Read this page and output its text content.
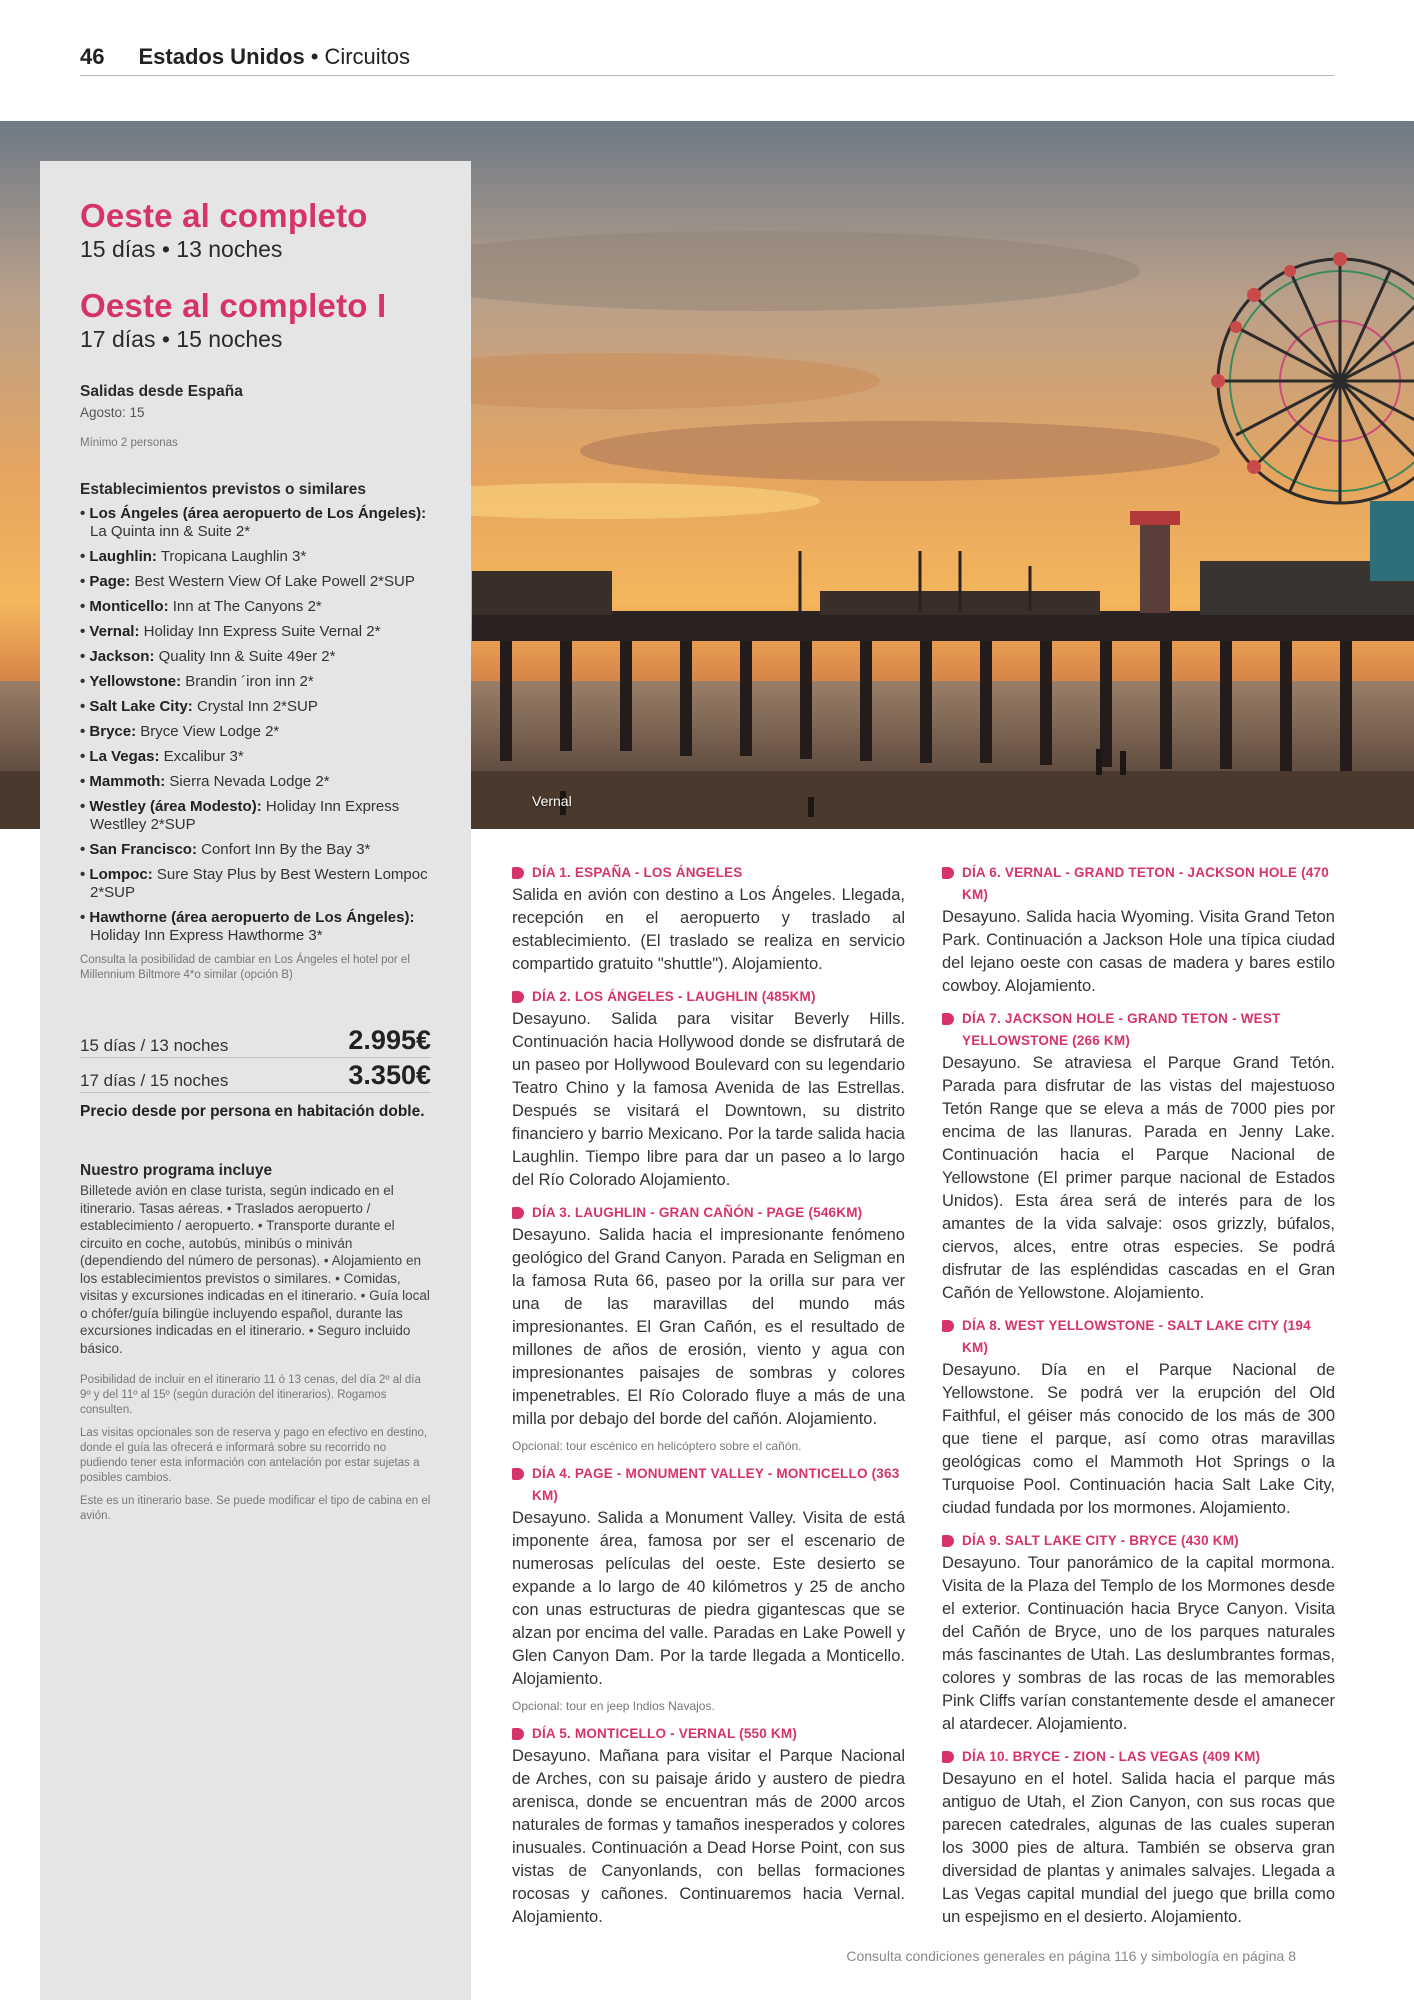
46 Estados Unidos • Circuitos
Vernal
Oeste al completo
15 días • 13 noches
Oeste al completo I
17 días • 15 noches
Salidas desde España
Agosto: 15
Mínimo 2 personas
Establecimientos previstos o similares
• Los Ángeles (área aeropuerto de Los Ángeles): La Quinta inn & Suite 2*
• Laughlin: Tropicana Laughlin 3*
• Page: Best Western View Of Lake Powell 2*SUP
• Monticello: Inn at The Canyons 2*
• Vernal: Holiday Inn Express Suite Vernal 2*
• Jackson: Quality Inn & Suite 49er 2*
• Yellowstone: Brandin ´iron inn 2*
• Salt Lake City: Crystal Inn 2*SUP
• Bryce: Bryce View Lodge 2*
• La Vegas: Excalibur 3*
• Mammoth: Sierra Nevada Lodge 2*
• Westley (área Modesto): Holiday Inn Express Westlley 2*SUP
• San Francisco: Confort Inn By the Bay 3*
• Lompoc: Sure Stay Plus by Best Western Lompoc 2*SUP
• Hawthorne (área aeropuerto de Los Ángeles): Holiday Inn Express Hawthorme 3*
Consulta la posibilidad de cambiar en Los Ángeles el hotel por el Millennium Biltmore 4*o similar (opción B)
15 días / 13 noches	2.995€
17 días / 15 noches	3.350€
Precio desde por persona en habitación doble.
Nuestro programa incluye
Billetede avión en clase turista, según indicado en el itinerario. Tasas aéreas. • Traslados aeropuerto / establecimiento / aeropuerto. • Transporte durante el circuito en coche, autobús, minibús o miniván (dependiendo del número de personas). • Alojamiento en los establecimientos previstos o similares. • Comidas, visitas y excursiones indicadas en el itinerario. • Guía local o chófer/guía bilingüe incluyendo español, durante las excursiones indicadas en el itinerario. • Seguro incluido básico.
Posibilidad de incluir en el itinerario 11 ó 13 cenas, del día 2º al día 9º y del 11º al 15º (según duración del itinerarios). Rogamos consulten.
Las visitas opcionales son de reserva y pago en efectivo en destino, donde el guía las ofrecerá e informará sobre su recorrido no pudiendo tener esta información con antelación por estar sujetas a posibles cambios.
Este es un itinerario base. Se puede modificar el tipo de cabina en el avión.
DÍA 1. ESPAÑA - LOS ÁNGELES
Salida en avión con destino a Los Ángeles. Llegada, recepción en el aeropuerto y traslado al establecimiento. (El traslado se realiza en servicio compartido gratuito "shuttle"). Alojamiento.
DÍA 2. LOS ÁNGELES - LAUGHLIN (485KM)
Desayuno. Salida para visitar Beverly Hills. Continuación hacia Hollywood donde se disfrutará de un paseo por Hollywood Boulevard con su legendario Teatro Chino y la famosa Avenida de las Estrellas. Después se visitará el Downtown, su distrito financiero y barrio Mexicano. Por la tarde salida hacia Laughlin. Tiempo libre para dar un paseo a lo largo del Río Colorado Alojamiento.
DÍA 3. LAUGHLIN - GRAN CAÑÓN - PAGE (546KM)
Desayuno. Salida hacia el impresionante fenómeno geológico del Grand Canyon. Parada en Seligman en la famosa Ruta 66, paseo por la orilla sur para ver una de las maravillas del mundo más impresionantes. El Gran Cañón, es el resultado de millones de años de erosión, viento y agua con impresionantes paisajes de sombras y colores impenetrables. El Río Colorado fluye a más de una milla por debajo del borde del cañón. Alojamiento.
Opcional: tour escénico en helicóptero sobre el cañón.
DÍA 4. PAGE - MONUMENT VALLEY - MONTICELLO (363 KM)
Desayuno. Salida a Monument Valley. Visita de está imponente área, famosa por ser el escenario de numerosas películas del oeste. Este desierto se expande a lo largo de 40 kilómetros y 25 de ancho con unas estructuras de piedra gigantescas que se alzan por encima del valle. Paradas en Lake Powell y Glen Canyon Dam. Por la tarde llegada a Monticello. Alojamiento.
Opcional: tour en jeep Indios Navajos.
DÍA 5. MONTICELLO - VERNAL (550 KM)
Desayuno. Mañana para visitar el Parque Nacional de Arches, con su paisaje árido y austero de piedra arenisca, donde se encuentran más de 2000 arcos naturales de formas y tamaños inesperados y colores inusuales. Continuación a Dead Horse Point, con sus vistas de Canyonlands, con bellas formaciones rocosas y cañones. Continuaremos hacia Vernal. Alojamiento.
DÍA 6. VERNAL - GRAND TETON - JACKSON HOLE (470 KM)
Desayuno. Salida hacia Wyoming. Visita Grand Teton Park. Continuación a Jackson Hole una típica ciudad del lejano oeste con casas de madera y bares estilo cowboy. Alojamiento.
DÍA 7. JACKSON HOLE - GRAND TETON - WEST YELLOWSTONE (266 KM)
Desayuno. Se atraviesa el Parque Grand Tetón. Parada para disfrutar de las vistas del majestuoso Tetón Range que se eleva a más de 7000 pies por encima de las llanuras. Parada en Jenny Lake. Continuación hacia el Parque Nacional de Yellowstone (El primer parque nacional de Estados Unidos). Esta área será de interés para de los amantes de la vida salvaje: osos grizzly, búfalos, ciervos, alces, entre otras especies. Se podrá disfrutar de las espléndidas cascadas en el Gran Cañón de Yellowstone. Alojamiento.
DÍA 8. WEST YELLOWSTONE - SALT LAKE CITY (194 KM)
Desayuno. Día en el Parque Nacional de Yellowstone. Se podrá ver la erupción del Old Faithful, el géiser más conocido de los más de 300 que tiene el parque, así como otras maravillas geológicas como el Mammoth Hot Springs o la Turquoise Pool. Continuación hacia Salt Lake City, ciudad fundada por los mormones. Alojamiento.
DÍA 9. SALT LAKE CITY - BRYCE (430 KM)
Desayuno. Tour panorámico de la capital mormona. Visita de la Plaza del Templo de los Mormones desde el exterior. Continuación hacia Bryce Canyon. Visita del Cañón de Bryce, uno de los parques naturales más fascinantes de Utah. Las deslumbrantes formas, colores y sombras de las rocas de las memorables Pink Cliffs varían constantemente desde el amanecer al atardecer. Alojamiento.
DÍA 10. BRYCE - ZION - LAS VEGAS (409 KM)
Desayuno en el hotel. Salida hacia el parque más antiguo de Utah, el Zion Canyon, con sus rocas que parecen catedrales, algunas de las cuales superan los 3000 pies de altura. También se observa gran diversidad de plantas y animales salvajes. Llegada a Las Vegas capital mundial del juego que brilla como un espejismo en el desierto. Alojamiento.
Consulta condiciones generales en página 116 y simbología en página 8
